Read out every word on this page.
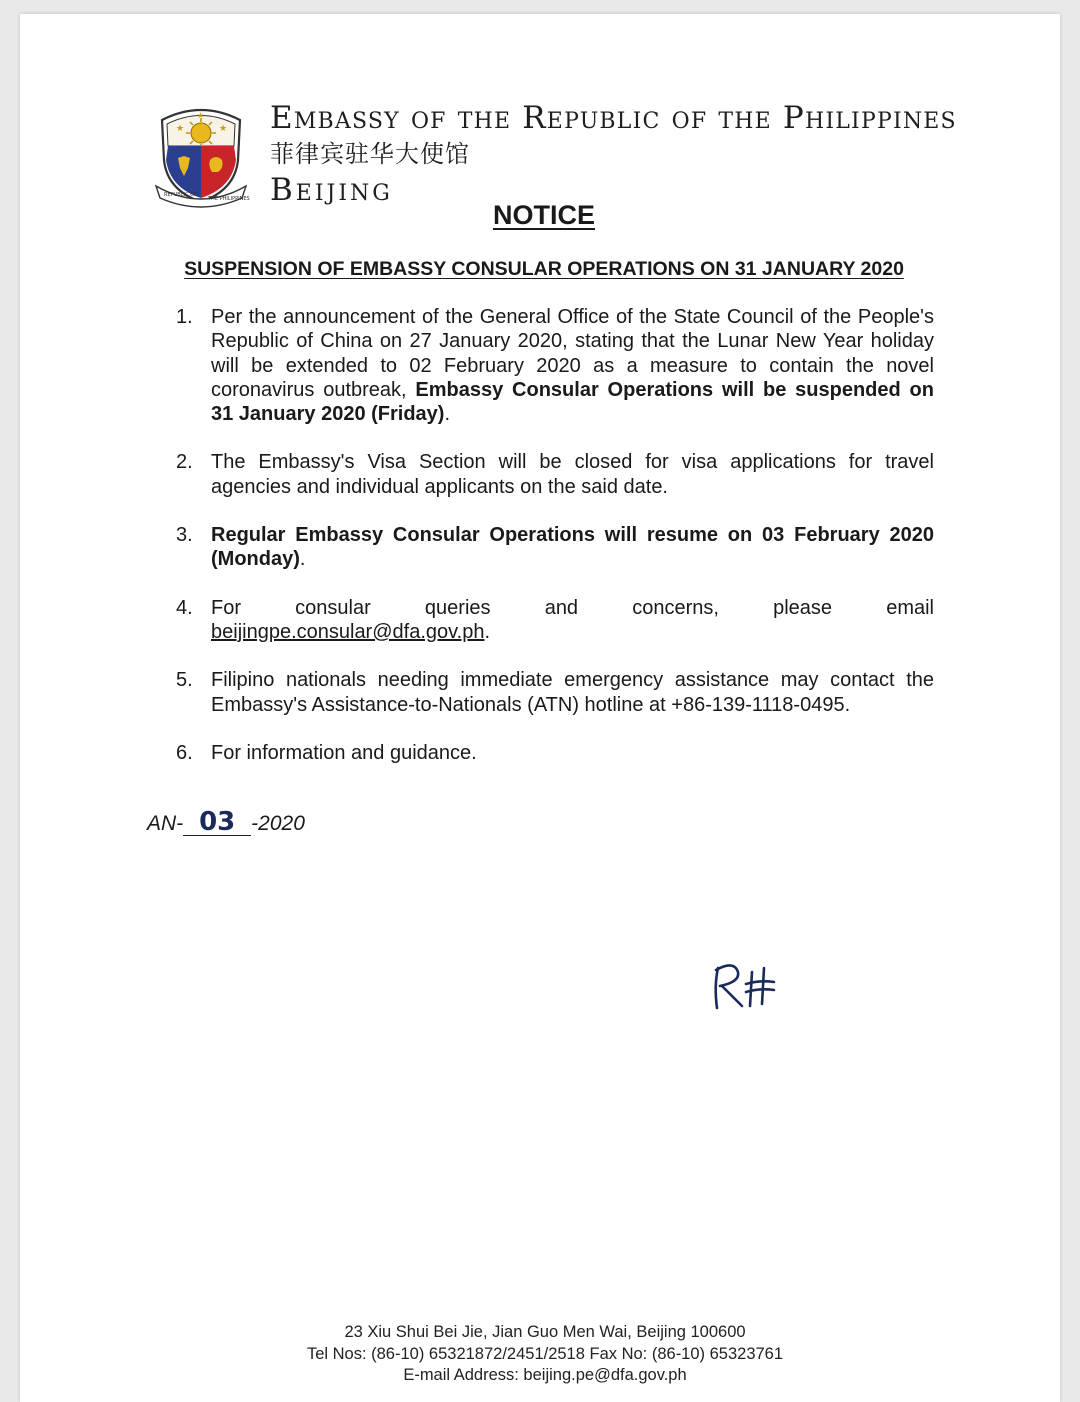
★	★
★
REPUBLIC OF
THE PHILIPPINES
Embassy of the Republic of the Philippines
菲律宾驻华大使馆
Beijing
NOTICE
SUSPENSION OF EMBASSY CONSULAR OPERATIONS ON 31 JANUARY 2020
1. Per the announcement of the General Office of the State Council of the People's Republic of China on 27 January 2020, stating that the Lunar New Year holiday will be extended to 02 February 2020 as a measure to contain the novel coronavirus outbreak, Embassy Consular Operations will be suspended on 31 January 2020 (Friday).
2. The Embassy's Visa Section will be closed for visa applications for travel agencies and individual applicants on the said date.
3. Regular Embassy Consular Operations will resume on 03 February 2020 (Monday).
4. For consular queries and concerns, please email
beijingpe.consular@dfa.gov.ph.
5. Filipino nationals needing immediate emergency assistance may contact the Embassy's Assistance-to-Nationals (ATN) hotline at +86-139-1118-0495.
6. For information and guidance.
AN- 03 -2020
23 Xiu Shui Bei Jie, Jian Guo Men Wai, Beijing 100600
Tel Nos: (86-10) 65321872/2451/2518 Fax No: (86-10) 65323761
E-mail Address: beijing.pe@dfa.gov.ph
